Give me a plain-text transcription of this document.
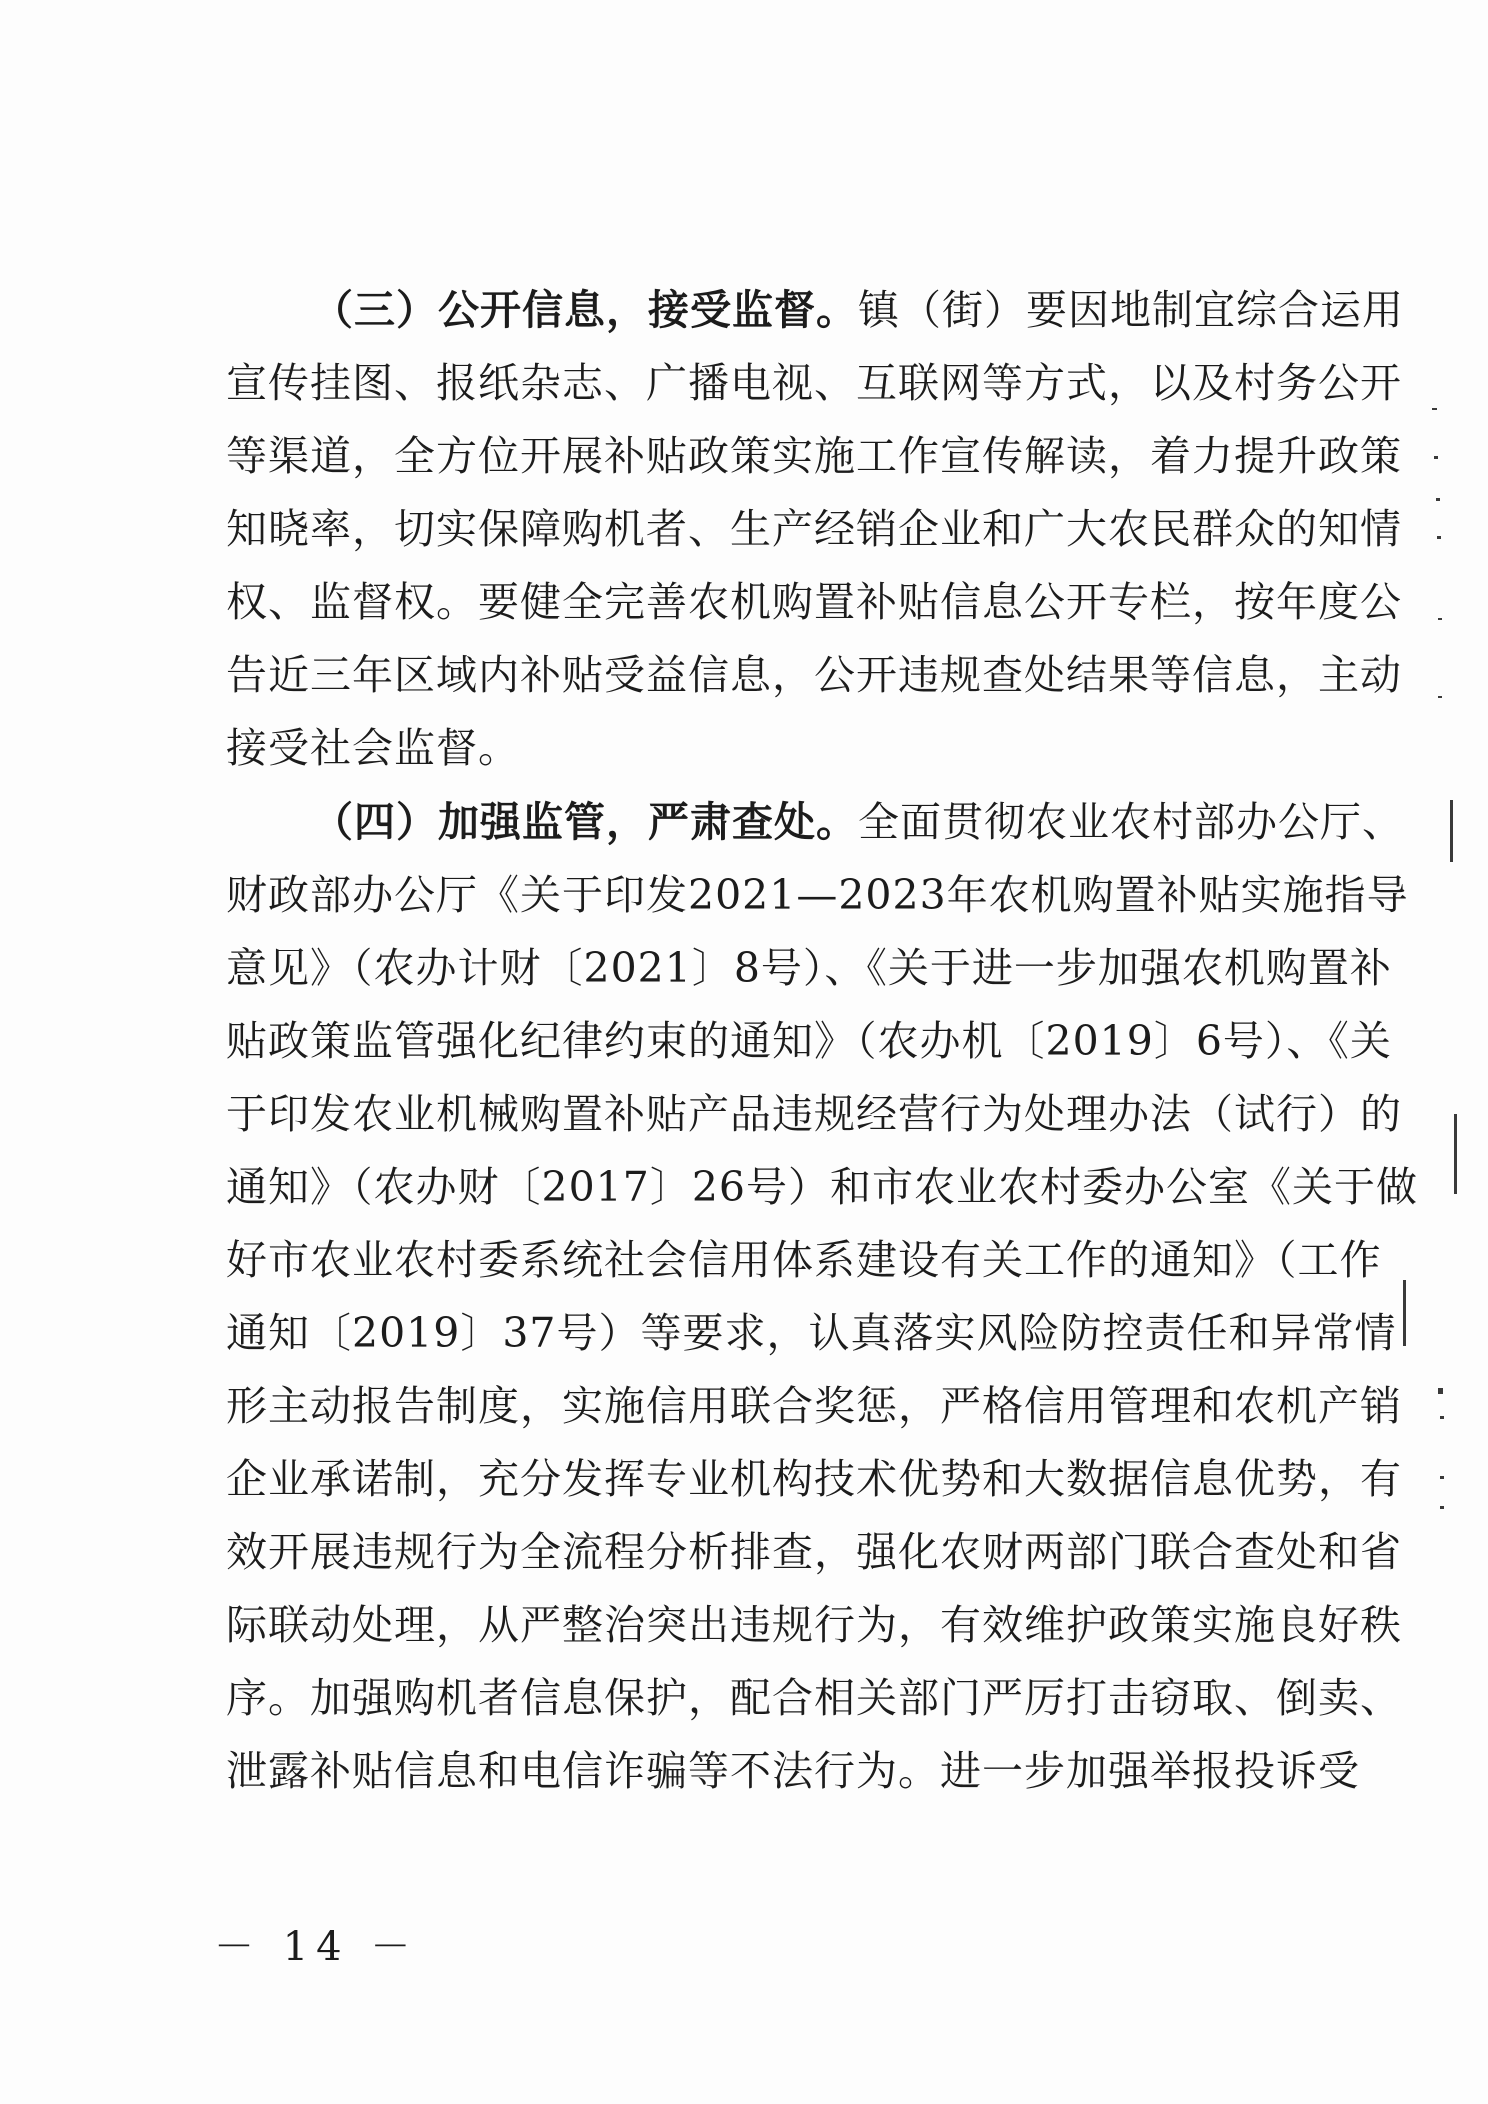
（三）公开信息，接受监督。镇（街）要因地制宜综合运用
宣传挂图、报纸杂志、广播电视、互联网等方式，以及村务公开
等渠道，全方位开展补贴政策实施工作宣传解读，着力提升政策
知晓率，切实保障购机者、生产经销企业和广大农民群众的知情
权、监督权。要健全完善农机购置补贴信息公开专栏，按年度公
告近三年区域内补贴受益信息，公开违规查处结果等信息，主动
接受社会监督。
（四）加强监管，严肃查处。全面贯彻农业农村部办公厅、
财政部办公厅《关于印发2021—2023年农机购置补贴实施指导
意见》（农办计财〔2021〕8号）、《关于进一步加强农机购置补
贴政策监管强化纪律约束的通知》（农办机〔2019〕6号）、《关
于印发农业机械购置补贴产品违规经营行为处理办法（试行）的
通知》（农办财〔2017〕26号）和市农业农村委办公室《关于做
好市农业农村委系统社会信用体系建设有关工作的通知》（工作
通知〔2019〕37号）等要求，认真落实风险防控责任和异常情
形主动报告制度，实施信用联合奖惩，严格信用管理和农机产销
企业承诺制，充分发挥专业机构技术优势和大数据信息优势，有
效开展违规行为全流程分析排查，强化农财两部门联合查处和省
际联动处理，从严整治突出违规行为，有效维护政策实施良好秩
序。加强购机者信息保护，配合相关部门严厉打击窃取、倒卖、
泄露补贴信息和电信诈骗等不法行为。进一步加强举报投诉受
－ 14 －
